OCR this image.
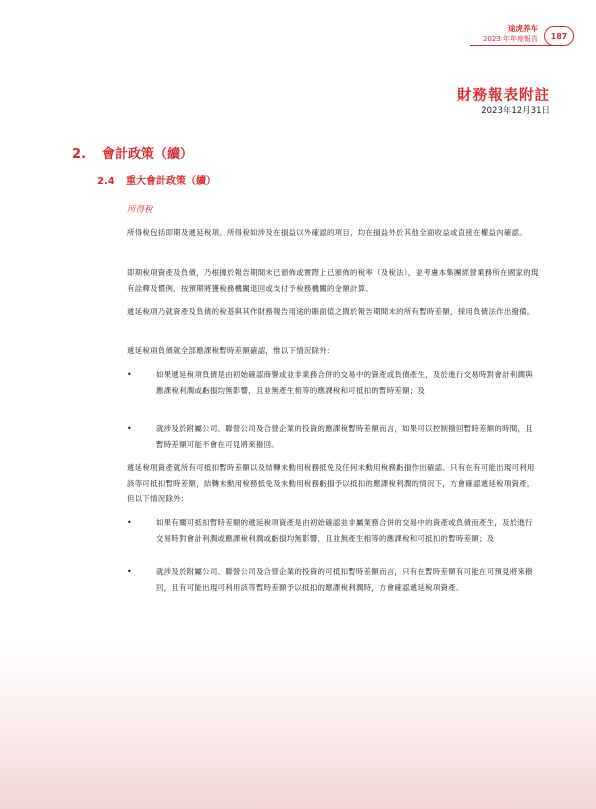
途虎养车
2023 年年度報告	187
財務報表附註
2023年12月31日
2. 會計政策（續）
2.4 重大會計政策（續）
所得稅
所得稅包括即期及遞延稅項。所得稅如涉及在損益以外確認的項目，均在損益外於其他全面收益或直接在權益內確認。
即期稅項資產及負債，乃根據於報告期間末已頒佈或實際上已頒佈的稅率（及稅法），並考慮本集團經營業務所在國家的現有詮釋及慣例，按預期將獲稅務機關退回或支付予稅務機關的金額計算。
遞延稅項乃就資產及負債的稅基與其作財務報告用途的賬面值之間於報告期間末的所有暫時差額，採用負債法作出撥備。
遞延稅項負債就全部應課稅暫時差額確認，惟以下情況除外：
•	如果遞延稅項負債是由初始確認商譽或並非業務合併的交易中的資產或負債產生，及於進行交易時對會計利潤與應課稅利潤或虧損均無影響，且並無產生相等的應課稅和可抵扣的暫時差額；及
•	就涉及於附屬公司、聯營公司及合營企業的投資的應課稅暫時差額而言，如果可以控制撥回暫時差額的時間，且暫時差額可能不會在可見將來撥回。
遞延稅項資產就所有可抵扣暫時差額以及結轉未動用稅務抵免及任何未動用稅務虧損作出確認。只有在有可能出現可利用該等可抵扣暫時差額，結轉未動用稅務抵免及未動用稅務虧損予以抵扣的應課稅利潤的情況下，方會確認遞延稅項資產，但以下情況除外：
•	如果有關可抵扣暫時差額的遞延稅項資產是由初始確認並非屬業務合併的交易中的資產或負債而產生，及於進行交易時對會計利潤或應課稅利潤或虧損均無影響，且並無產生相等的應課稅和可抵扣的暫時差額；及
•	就涉及於附屬公司、聯營公司及合營企業的投資的可抵扣暫時差額而言，只有在暫時差額有可能在可預見將來撥回，且有可能出現可利用該等暫時差額予以抵扣的應課稅利潤時，方會確認遞延稅項資產。
